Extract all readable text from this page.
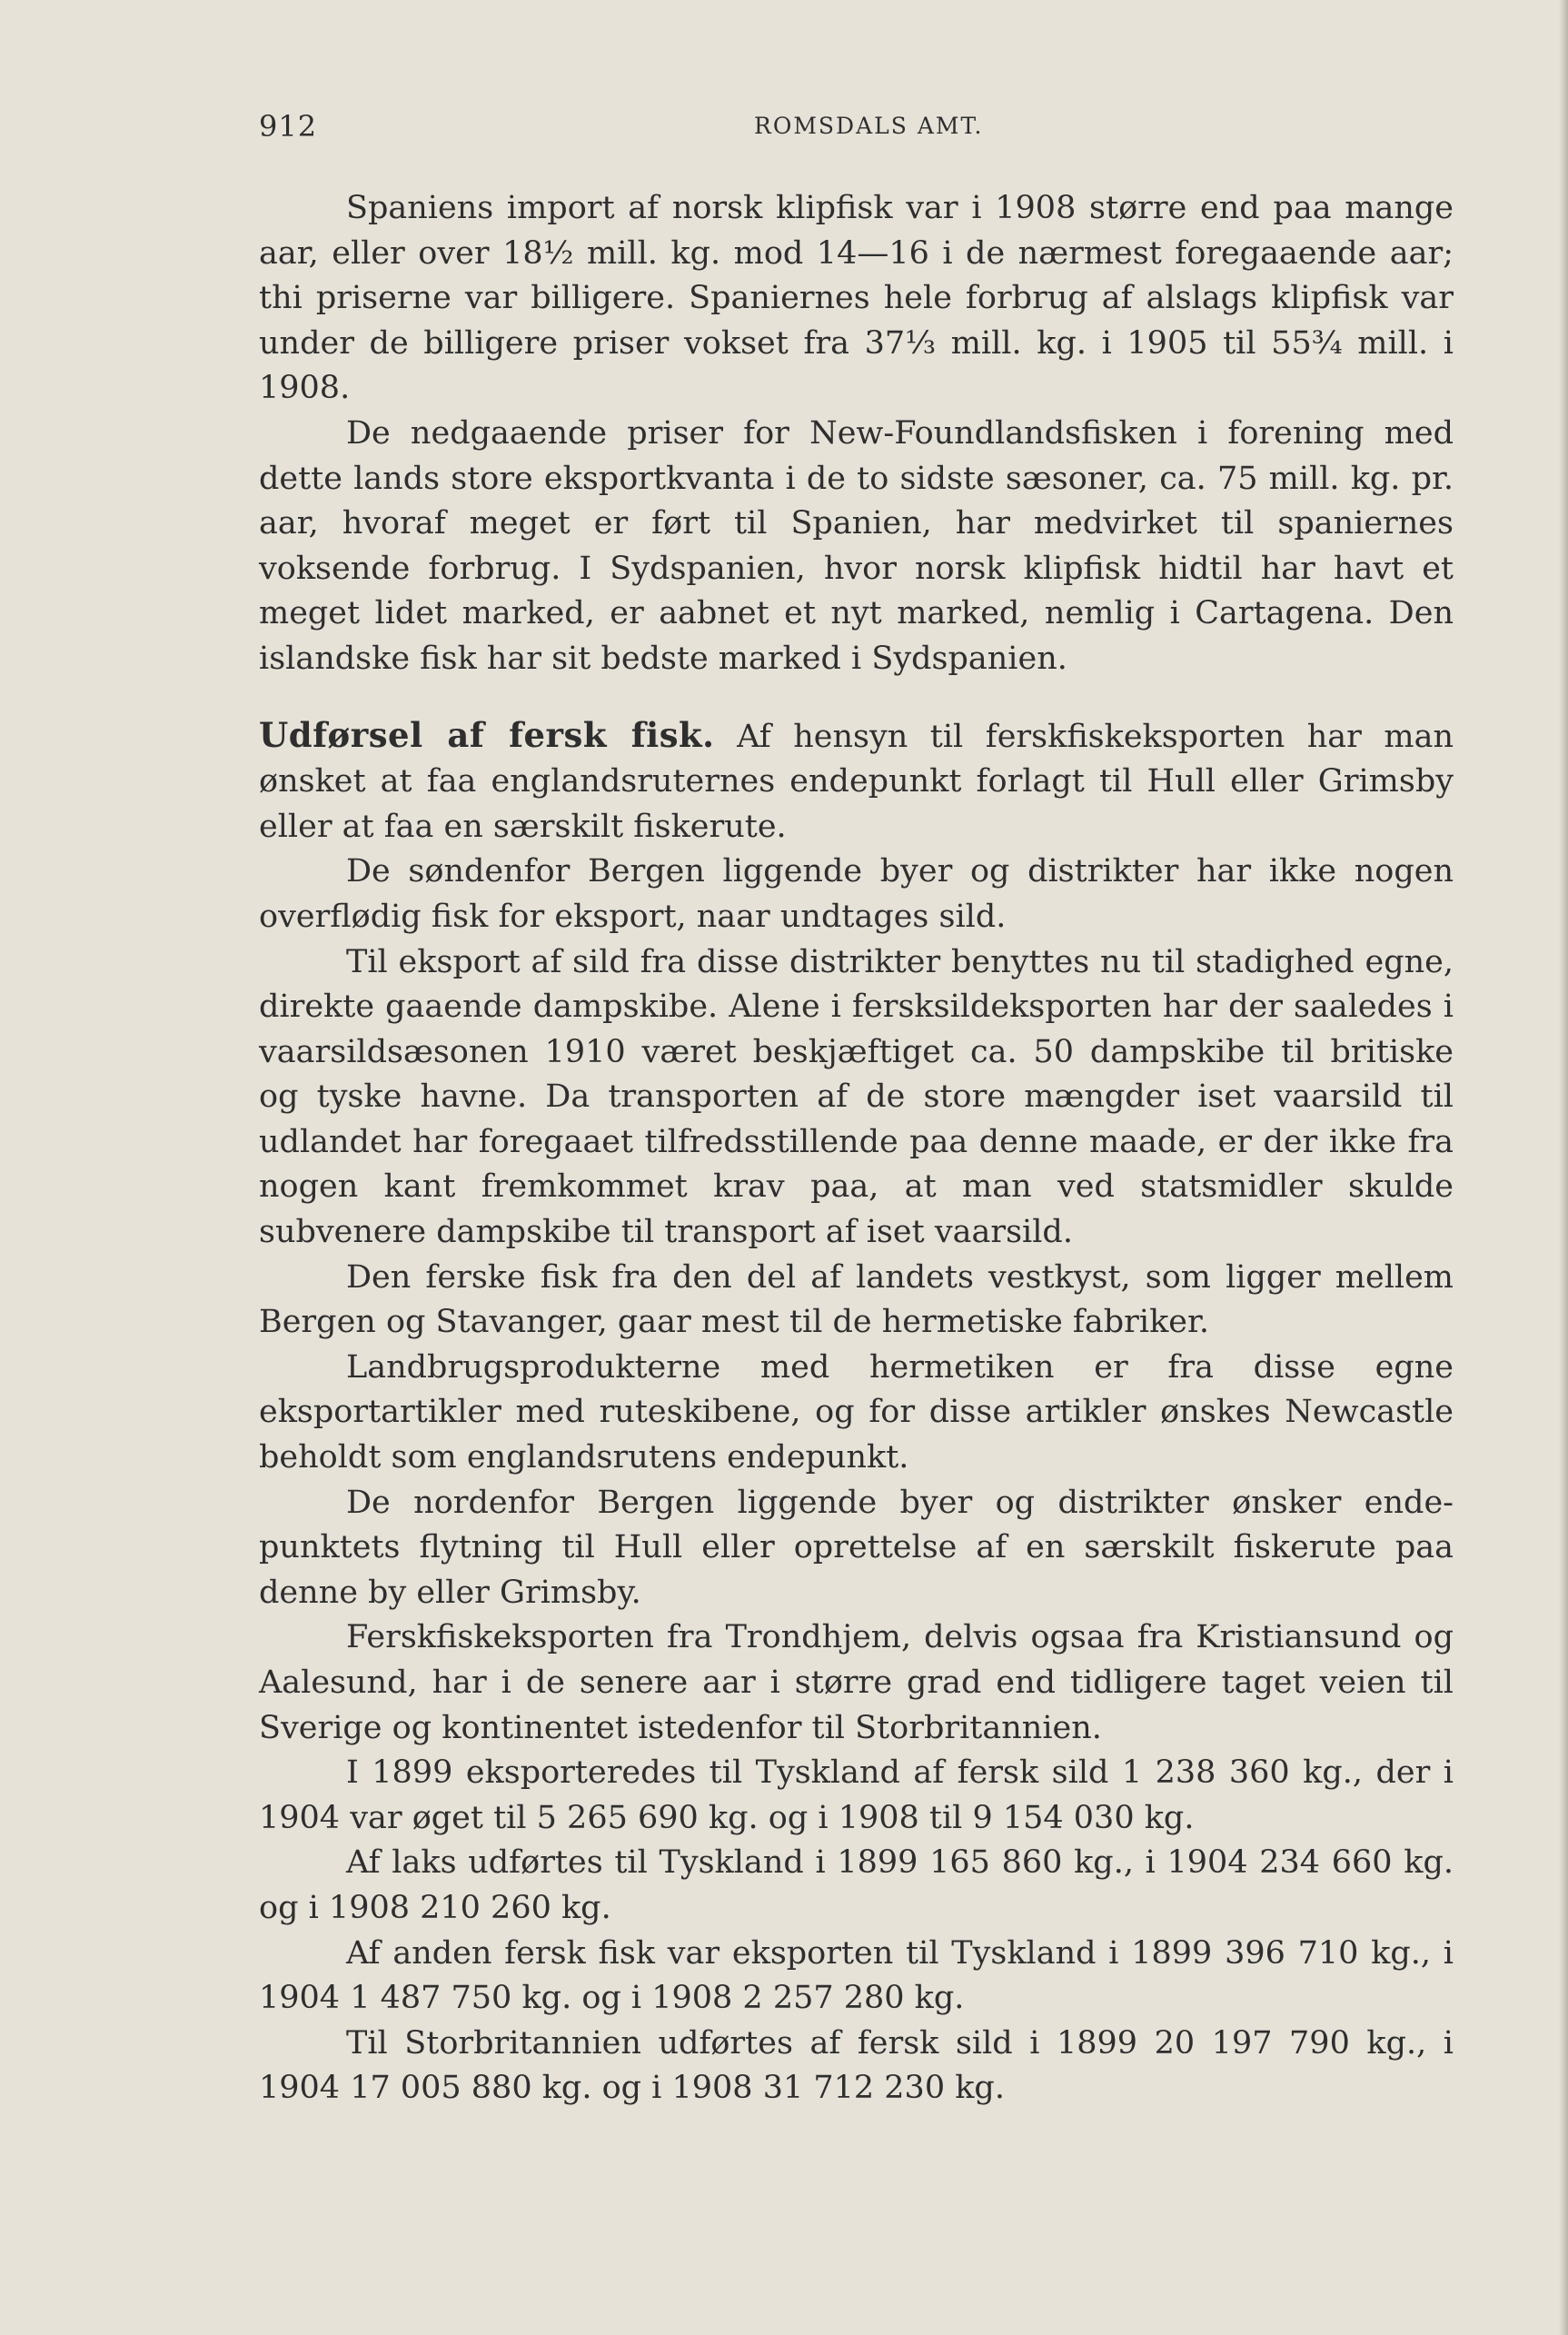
912	ROMSDALS AMT.

Spaniens import af norsk klipfisk var i 1908 større end paa mange aar, eller over 18½ mill. kg. mod 14—16 i de nærmest foregaaende aar; thi priserne var billigere. Spaniernes hele forbrug af alslags klipfisk var under de billigere priser vokset fra 37⅓ mill. kg. i 1905 til 55¾ mill. i 1908.

De nedgaaende priser for New-Foundlandsfisken i forening med dette lands store eksportkvanta i de to sidste sæsoner, ca. 75 mill. kg. pr. aar, hvoraf meget er ført til Spanien, har medvirket til spaniernes voksende forbrug. I Sydspanien, hvor norsk klipfisk hidtil har havt et meget lidet marked, er aabnet et nyt marked, nemlig i Cartagena. Den islandske fisk har sit bedste marked i Sydspanien.

Udførsel af fersk fisk. Af hensyn til ferskfiskeksporten har man ønsket at faa englandsruternes endepunkt forlagt til Hull eller Grimsby eller at faa en særskilt fiskerute.

De søndenfor Bergen liggende byer og distrikter har ikke nogen overflødig fisk for eksport, naar undtages sild.

Til eksport af sild fra disse distrikter benyttes nu til stadighed egne, direkte gaaende dampskibe. Alene i fersksildeksporten har der saaledes i vaarsildsæsonen 1910 været beskjæftiget ca. 50 dampskibe til britiske og tyske havne. Da transporten af de store mængder iset vaarsild til udlandet har foregaaet tilfredsstillende paa denne maade, er der ikke fra nogen kant fremkommet krav paa, at man ved statsmidler skulde subvenere dampskibe til transport af iset vaarsild.

Den ferske fisk fra den del af landets vestkyst, som ligger mellem Bergen og Stavanger, gaar mest til de hermetiske fabriker.

Landbrugsprodukterne med hermetiken er fra disse egne eksportartikler med ruteskibene, og for disse artikler ønskes Newcastle beholdt som englandsrutens endepunkt.

De nordenfor Bergen liggende byer og distrikter ønsker endepunktets flytning til Hull eller oprettelse af en særskilt fiskerute paa denne by eller Grimsby.

Ferskfiskeksporten fra Trondhjem, delvis ogsaa fra Kristiansund og Aalesund, har i de senere aar i større grad end tidligere taget veien til Sverige og kontinentet istedenfor til Storbritannien.

I 1899 eksporteredes til Tyskland af fersk sild 1 238 360 kg., der i 1904 var øget til 5 265 690 kg. og i 1908 til 9 154 030 kg.

Af laks udførtes til Tyskland i 1899 165 860 kg., i 1904 234 660 kg. og i 1908 210 260 kg.

Af anden fersk fisk var eksporten til Tyskland i 1899 396 710 kg., i 1904 1 487 750 kg. og i 1908 2 257 280 kg.

Til Storbritannien udførtes af fersk sild i 1899 20 197 790 kg., i 1904 17 005 880 kg. og i 1908 31 712 230 kg.
